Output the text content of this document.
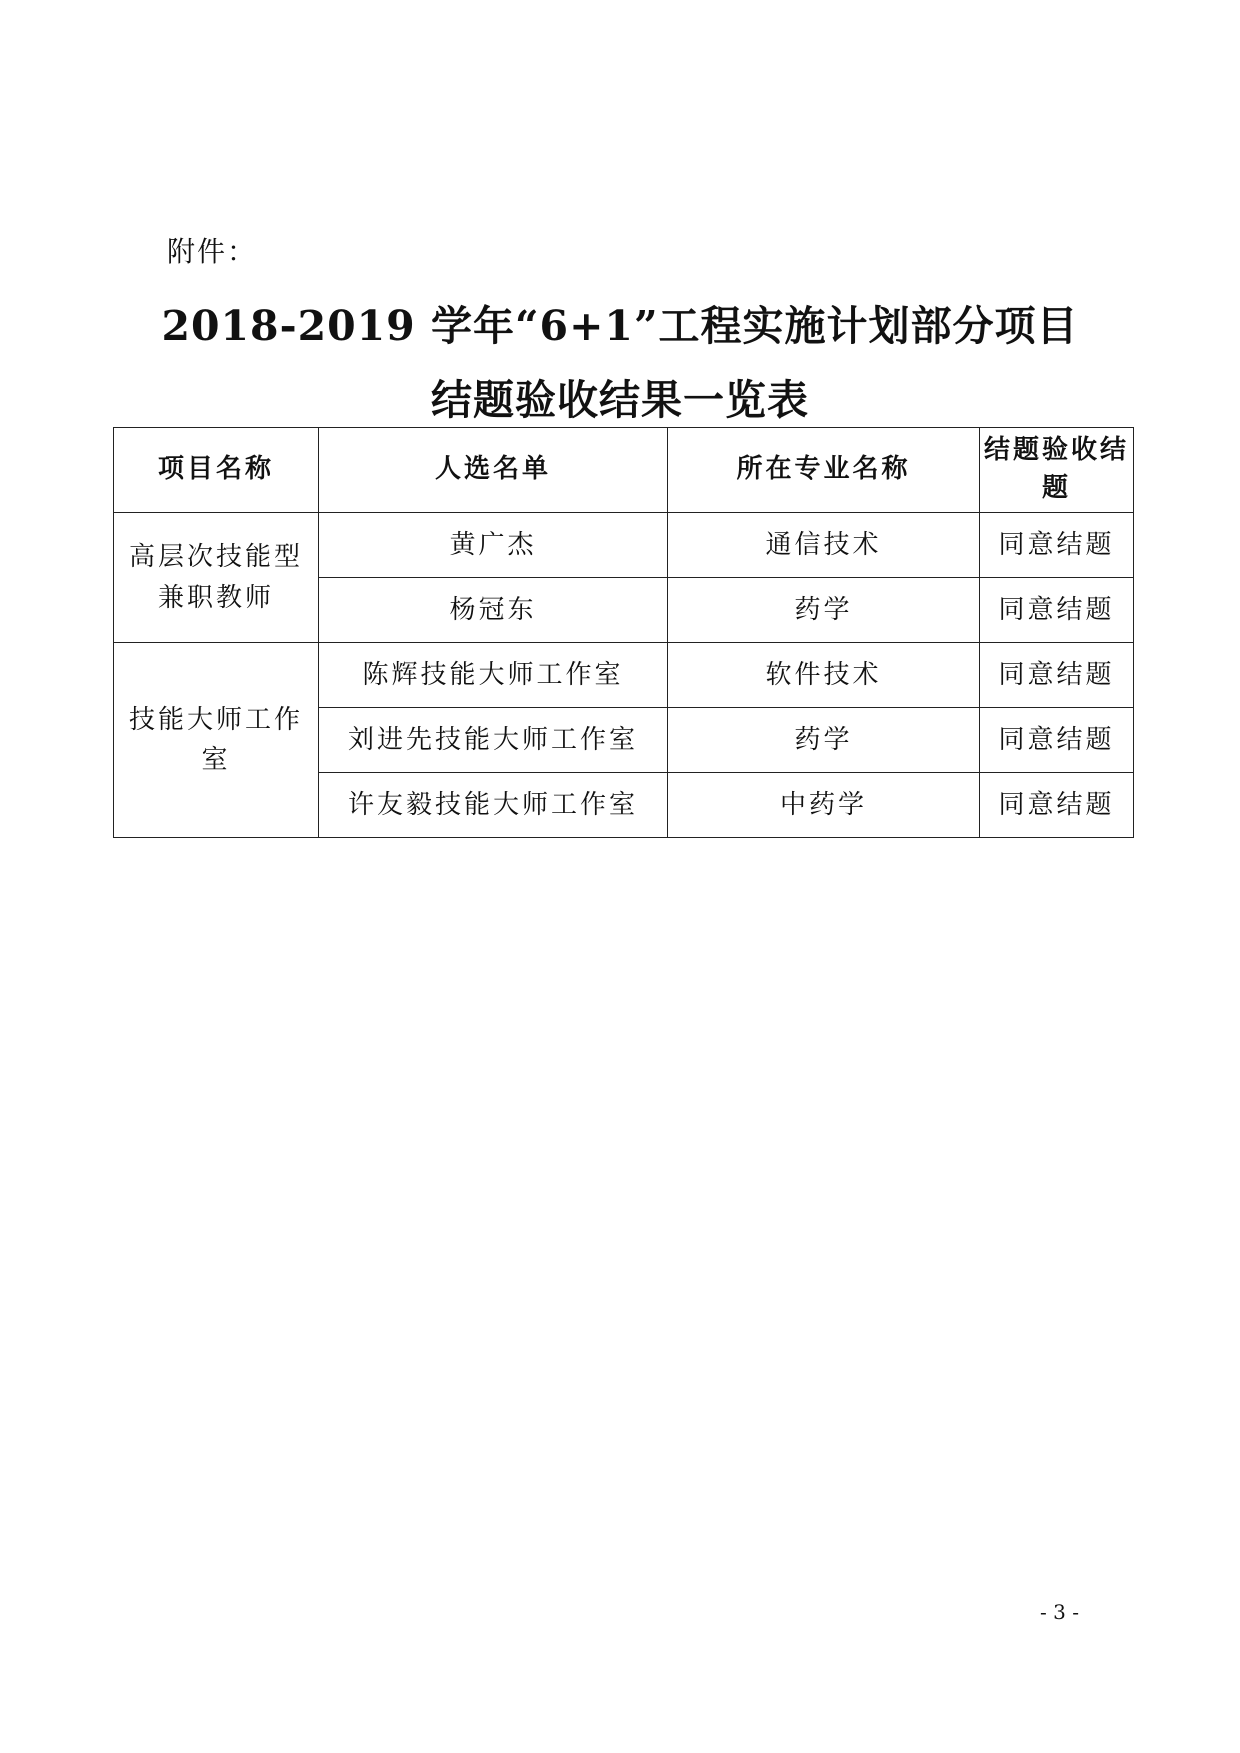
附件：
2018-2019 学年“6+1”工程实施计划部分项目
结题验收结果一览表
项目名称	人选名单	所在专业名称	结题验收结题
高层次技能型兼职教师	黄广杰	通信技术	同意结题
	杨冠东	药学	同意结题
技能大师工作室	陈辉技能大师工作室	软件技术	同意结题
	刘进先技能大师工作室	药学	同意结题
	许友毅技能大师工作室	中药学	同意结题
- 3 -
